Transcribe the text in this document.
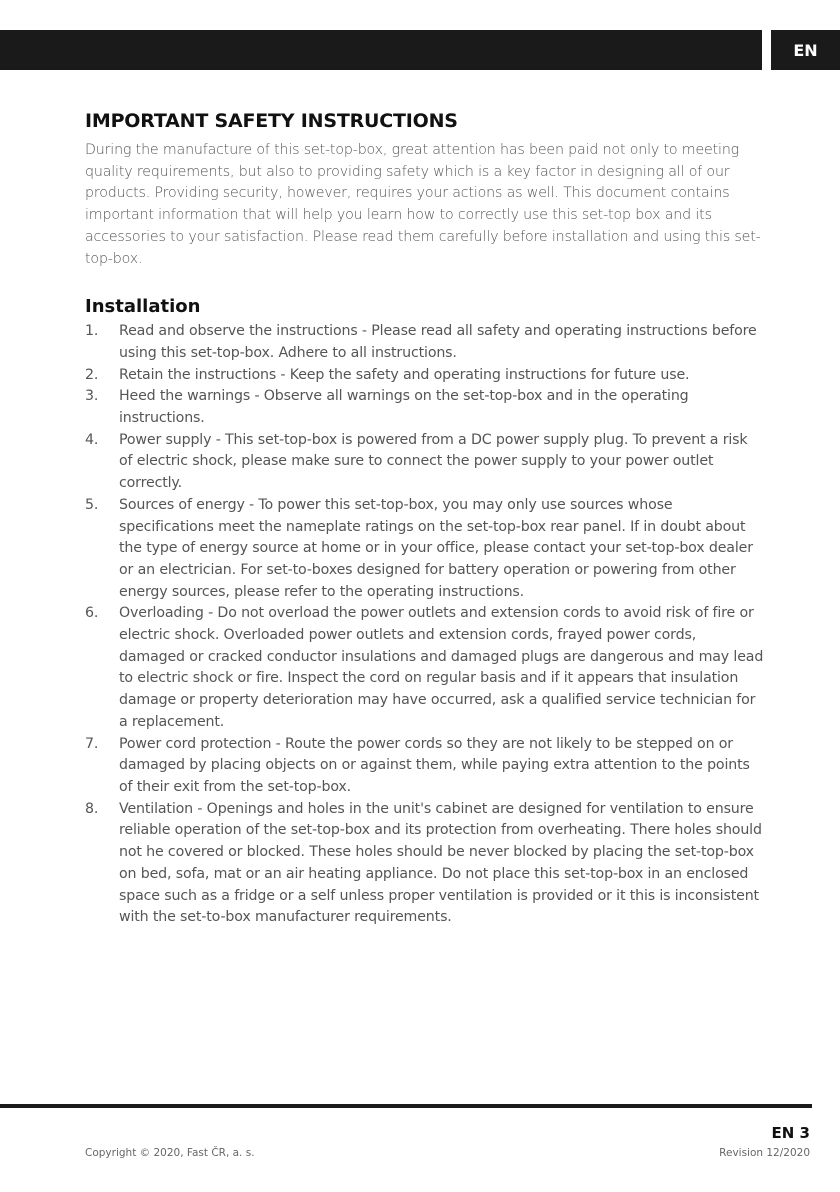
EN
IMPORTANT SAFETY INSTRUCTIONS

During the manufacture of this set-top-box, great attention has been paid not only to meeting quality requirements, but also to providing safety which is a key factor in designing all of our products. Providing security, however, requires your actions as well. This document contains important information that will help you learn how to correctly use this set-top box and its accessories to your satisfaction. Please read them carefully before installation and using this set-top-box.

Installation
1. Read and observe the instructions - Please read all safety and operating instructions before using this set-top-box. Adhere to all instructions.
2. Retain the instructions - Keep the safety and operating instructions for future use.
3. Heed the warnings - Observe all warnings on the set-top-box and in the operating instructions.
4. Power supply - This set-top-box is powered from a DC power supply plug. To prevent a risk of electric shock, please make sure to connect the power supply to your power outlet correctly.
5. Sources of energy - To power this set-top-box, you may only use sources whose specifications meet the nameplate ratings on the set-top-box rear panel. If in doubt about the type of energy source at home or in your office, please contact your set-top-box dealer or an electrician. For set-to-boxes designed for battery operation or powering from other energy sources, please refer to the operating instructions.
6. Overloading - Do not overload the power outlets and extension cords to avoid risk of fire or electric shock. Overloaded power outlets and extension cords, frayed power cords, damaged or cracked conductor insulations and damaged plugs are dangerous and may lead to electric shock or fire. Inspect the cord on regular basis and if it appears that insulation damage or property deterioration may have occurred, ask a qualified service technician for a replacement.
7. Power cord protection - Route the power cords so they are not likely to be stepped on or damaged by placing objects on or against them, while paying extra attention to the points of their exit from the set-top-box.
8. Ventilation - Openings and holes in the unit's cabinet are designed for ventilation to ensure reliable operation of the set-top-box and its protection from overheating. There holes should not he covered or blocked. These holes should be never blocked by placing the set-top-box on bed, sofa, mat or an air heating appliance. Do not place this set-top-box in an enclosed space such as a fridge or a self unless proper ventilation is provided or it this is inconsistent with the set-to-box manufacturer requirements.
EN 3
Copyright © 2020, Fast ČR, a. s.	Revision 12/2020
